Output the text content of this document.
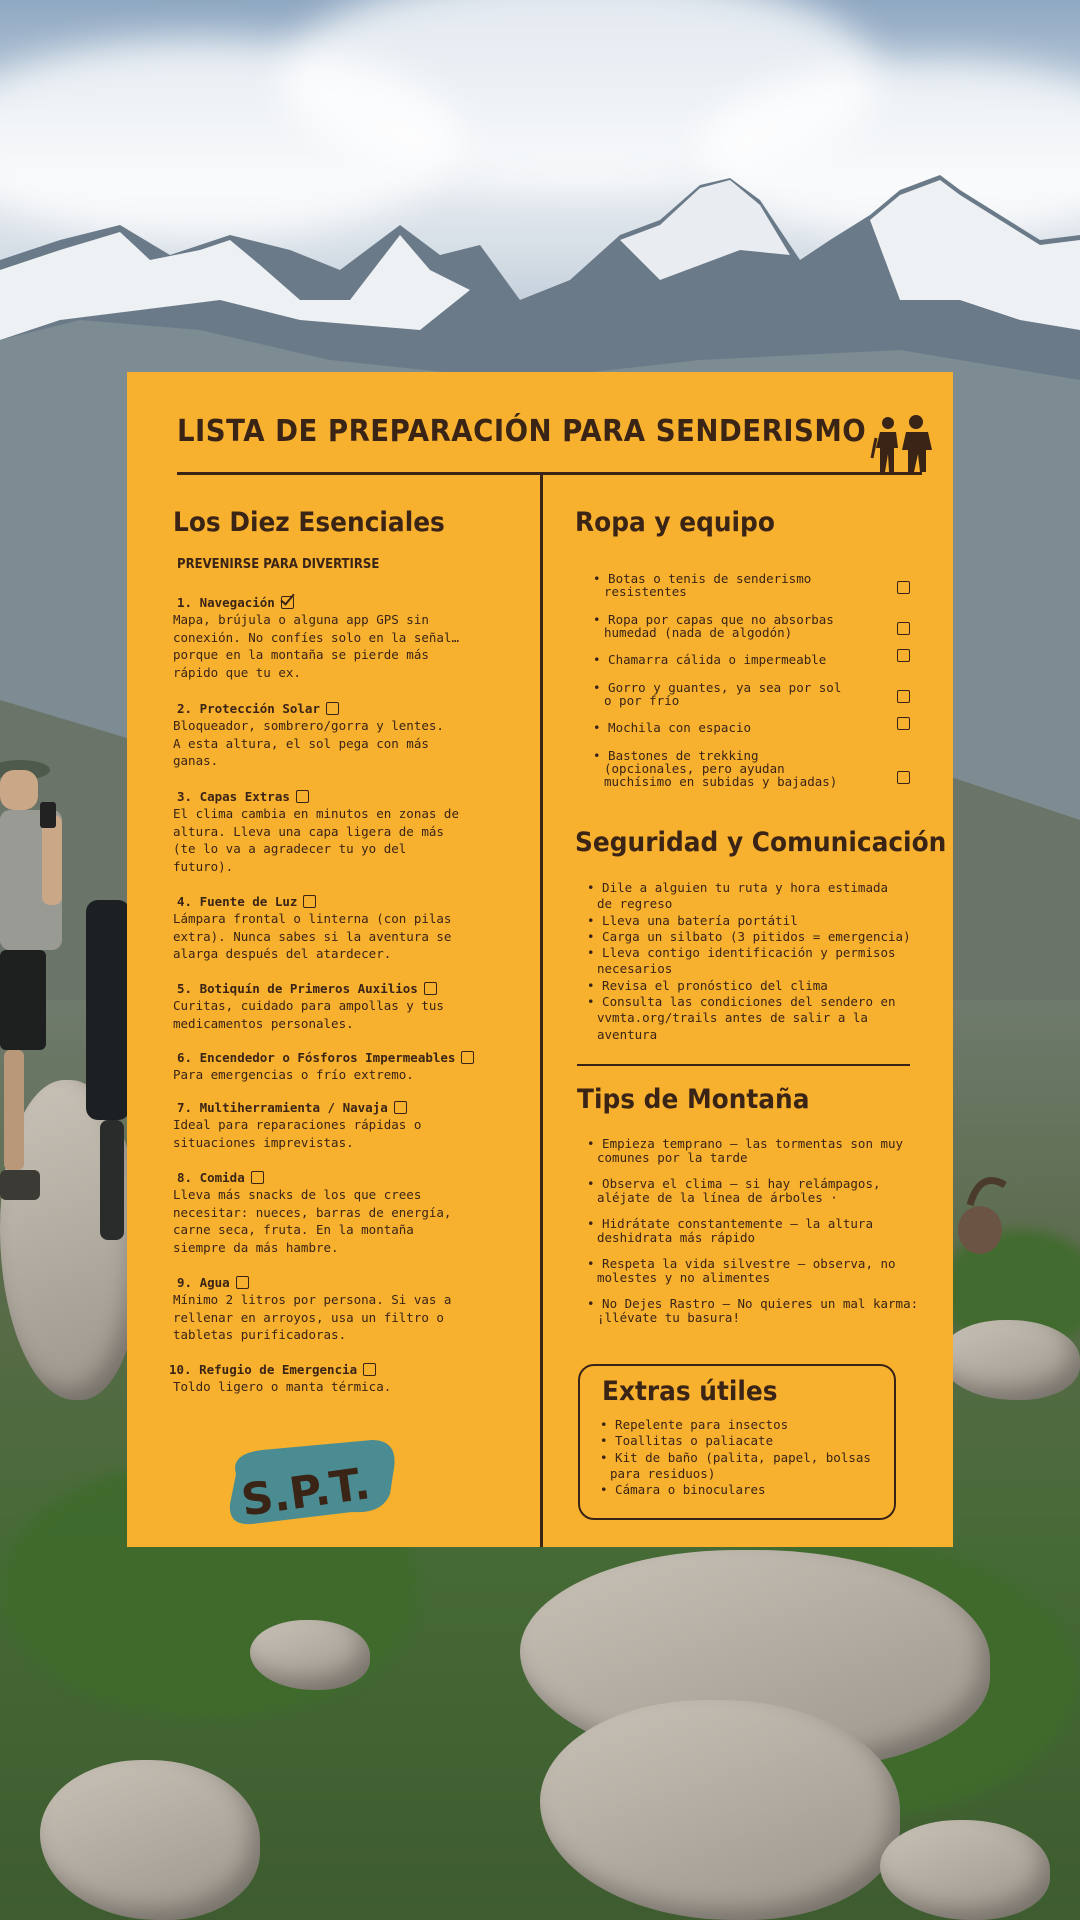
LISTA DE PREPARACIÓN PARA SENDERISMO
Los Diez Esenciales
PREVENIRSE PARA DIVERTIRSE
1. Navegación
Mapa, brújula o alguna app GPS sin
conexión. No confíes solo en la señal…
porque en la montaña se pierde más
rápido que tu ex.
2. Protección Solar
Bloqueador, sombrero/gorra y lentes.
A esta altura, el sol pega con más
ganas.
3. Capas Extras
El clima cambia en minutos en zonas de
altura. Lleva una capa ligera de más
(te lo va a agradecer tu yo del
futuro).
4. Fuente de Luz
Lámpara frontal o linterna (con pilas
extra). Nunca sabes si la aventura se
alarga después del atardecer.
5. Botiquín de Primeros Auxilios
Curitas, cuidado para ampollas y tus
medicamentos personales.
6. Encendedor o Fósforos Impermeables
Para emergencias o frío extremo.
7. Multiherramienta / Navaja
Ideal para reparaciones rápidas o
situaciones imprevistas.
8. Comida
Lleva más snacks de los que crees
necesitar: nueces, barras de energía,
carne seca, fruta. En la montaña
siempre da más hambre.
9. Agua
Mínimo 2 litros por persona. Si vas a
rellenar en arroyos, usa un filtro o
tabletas purificadoras.
10. Refugio de Emergencia
Toldo ligero o manta térmica.
S.P.T.
Ropa y equipo
• Botas o tenis de senderismo
resistentes
• Ropa por capas que no absorbas
humedad (nada de algodón)
• Chamarra cálida o impermeable
• Gorro y guantes, ya sea por sol
o por frío
• Mochila con espacio
• Bastones de trekking
(opcionales, pero ayudan
muchísimo en subidas y bajadas)
Seguridad y Comunicación
• Dile a alguien tu ruta y hora estimada
de regreso
• Lleva una batería portátil
• Carga un silbato (3 pitidos = emergencia)
• Lleva contigo identificación y permisos
necesarios
• Revisa el pronóstico del clima
• Consulta las condiciones del sendero en
vvmta.org/trails antes de salir a la
aventura
Tips de Montaña
• Empieza temprano – las tormentas son muy
comunes por la tarde
• Observa el clima – si hay relámpagos,
aléjate de la línea de árboles ·
• Hidrátate constantemente – la altura
deshidrata más rápido
• Respeta la vida silvestre – observa, no
molestes y no alimentes
• No Dejes Rastro – No quieres un mal karma:
¡llévate tu basura!
Extras útiles
• Repelente para insectos
• Toallitas o paliacate
• Kit de baño (palita, papel, bolsas
para residuos)
• Cámara o binoculares
